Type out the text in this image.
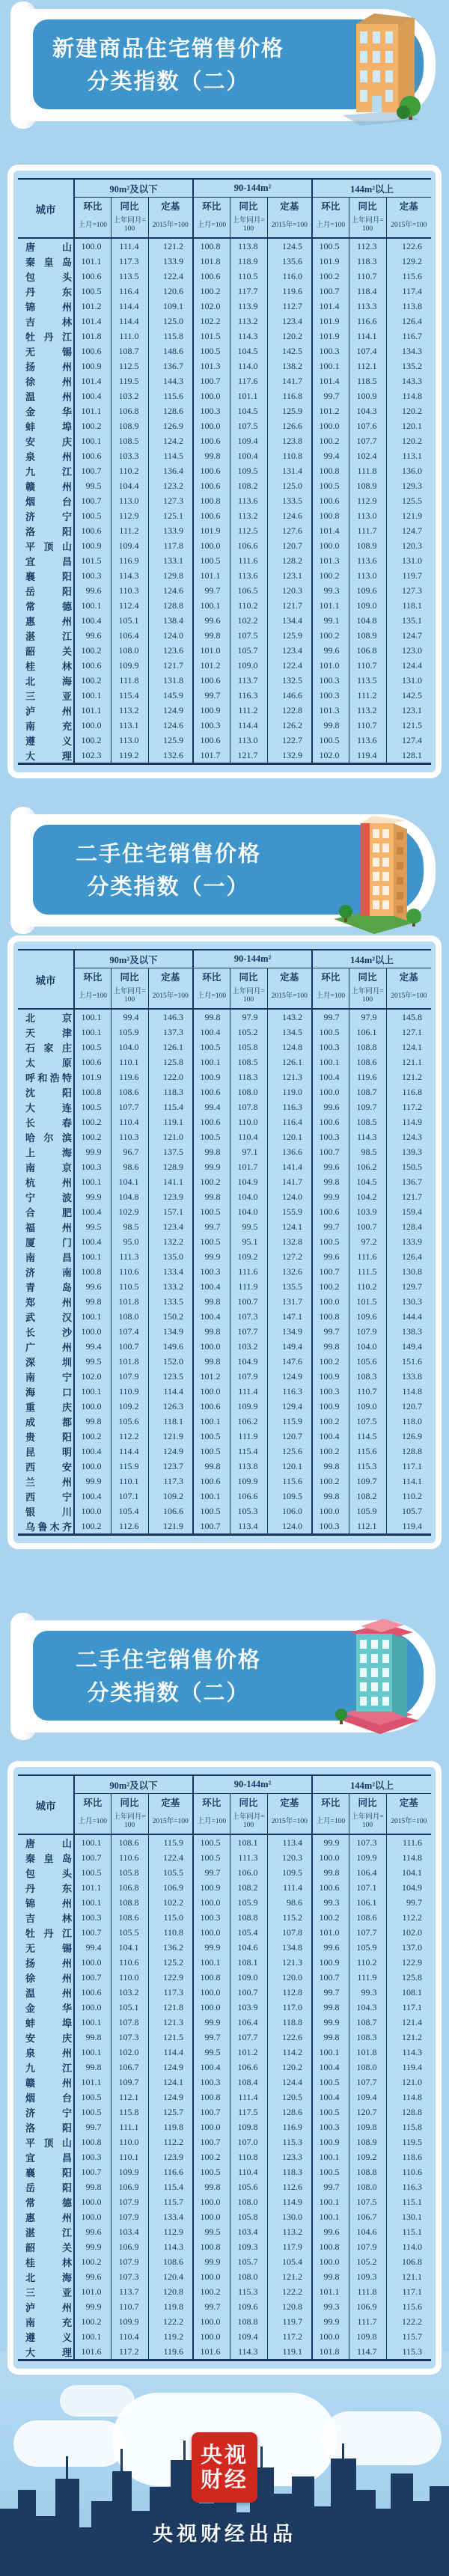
新建商品住宅销售价格
分类指数（二）
城市	90m²及以下			90-144m²			144m²以上		
	环比	同比	定基	环比	同比	定基	环比	同比	定基
	上月=100	上年同月=100	2015年=100	上月=100	上年同月=100	2015年=100	上月=100	上年同月=100	2015年=100
唐山	100.0	111.4	121.2	100.8	113.8	124.5	100.5	112.3	122.6
秦皇岛	101.1	117.3	133.9	101.8	118.9	135.6	101.9	118.3	129.2
包头	100.6	113.5	122.4	100.6	110.5	116.0	100.2	110.7	115.6
丹东	100.5	116.4	120.6	100.2	117.7	119.6	100.7	118.4	117.4
锦州	101.2	114.4	109.1	102.0	113.9	112.7	101.4	113.3	113.8
吉林	101.4	114.4	125.0	102.2	113.2	123.4	101.9	116.6	126.4
牡丹江	101.8	111.0	115.8	101.5	114.3	120.2	101.9	114.1	116.7
无锡	100.6	108.7	148.6	100.5	104.5	142.5	100.3	107.4	134.3
扬州	100.9	112.5	136.7	101.3	114.0	138.2	100.1	112.1	135.2
徐州	101.4	119.5	144.3	100.7	117.6	141.7	101.4	118.5	143.3
温州	100.4	103.2	115.6	100.0	101.1	116.8	99.7	100.9	114.8
金华	101.1	106.8	128.6	100.3	104.5	125.9	101.2	104.3	120.2
蚌埠	100.2	108.9	126.9	100.0	107.5	126.6	100.0	107.6	120.1
安庆	100.1	108.5	124.2	100.6	109.4	123.8	100.2	107.7	120.2
泉州	100.6	103.3	114.5	99.8	100.4	110.8	99.4	102.4	113.1
九江	100.7	110.2	136.4	100.6	109.5	131.4	100.8	111.8	136.0
赣州	99.5	104.4	123.2	100.6	108.2	125.0	100.5	108.9	129.3
烟台	100.7	113.0	127.3	100.8	113.6	133.5	100.6	112.9	125.5
济宁	100.5	112.9	125.1	100.6	113.2	124.6	100.8	113.0	121.9
洛阳	100.6	111.2	133.9	101.9	112.5	127.6	101.4	111.7	124.7
平顶山	100.9	109.4	117.8	100.0	106.6	120.7	100.0	108.9	120.3
宜昌	101.5	116.9	133.1	100.5	111.6	128.2	101.3	113.6	131.0
襄阳	100.3	114.3	129.8	101.1	113.6	123.1	100.2	113.0	119.7
岳阳	99.6	110.3	124.6	99.7	106.5	120.3	99.3	109.6	127.3
常德	100.1	112.4	128.8	100.1	110.2	121.7	101.1	109.0	118.1
惠州	100.4	105.1	138.4	99.6	102.2	134.4	99.1	104.8	135.1
湛江	99.6	106.4	124.0	99.8	107.5	125.9	100.2	108.9	124.7
韶关	100.2	108.0	123.6	101.0	105.7	123.4	99.6	106.8	123.0
桂林	100.6	109.9	121.7	101.2	109.0	122.4	101.0	110.7	124.4
北海	100.2	111.8	131.8	100.6	113.7	132.5	100.3	113.5	131.0
三亚	100.1	115.4	145.9	99.7	116.3	146.6	100.3	111.2	142.5
泸州	101.1	113.2	124.9	100.9	111.2	122.8	101.3	113.2	123.1
南充	100.0	113.1	124.6	100.3	114.4	126.2	99.8	110.7	121.5
遵义	100.2	113.0	125.9	100.6	113.0	122.7	100.5	113.6	127.4
大理	102.3	119.2	132.6	101.7	121.7	132.9	102.0	119.4	128.1
二手住宅销售价格
分类指数（一）
城市	90m²及以下			90-144m²			144m²以上		
	环比	同比	定基	环比	同比	定基	环比	同比	定基
	上月=100	上年同月=100	2015年=100	上月=100	上年同月=100	2015年=100	上月=100	上年同月=100	2015年=100
北京	100.1	99.4	146.3	99.8	97.9	143.2	99.7	97.9	145.8
天津	100.1	105.9	137.3	100.4	105.2	134.5	100.5	106.1	127.1
石家庄	100.5	104.0	126.1	100.5	105.8	124.8	100.3	108.8	124.1
太原	100.6	110.1	125.8	100.1	108.5	126.1	100.1	108.6	121.1
呼和浩特	101.9	119.6	122.0	100.9	118.3	121.3	100.4	119.6	121.2
沈阳	100.8	108.6	118.3	100.6	108.0	119.0	100.0	108.7	116.8
大连	100.5	107.7	115.4	99.4	107.8	116.3	99.6	109.7	117.2
长春	100.2	110.4	119.1	100.6	110.0	116.4	100.6	108.5	114.9
哈尔滨	100.2	110.3	121.0	100.5	110.4	120.1	100.3	114.3	124.3
上海	99.9	96.7	137.5	99.8	97.1	136.6	100.7	98.5	139.3
南京	100.3	98.6	128.9	99.9	101.7	141.4	99.6	106.2	150.5
杭州	100.1	104.1	141.1	100.2	104.9	141.7	99.8	104.5	136.7
宁波	99.9	104.8	123.9	99.8	104.0	124.0	99.9	104.2	121.7
合肥	100.4	102.9	157.1	100.5	104.0	155.9	100.6	103.9	159.4
福州	99.5	98.5	123.4	99.7	99.5	124.1	99.7	100.7	128.4
厦门	100.4	95.0	132.2	100.5	95.1	132.8	100.5	97.2	133.9
南昌	100.1	111.3	135.0	99.9	109.2	127.2	99.6	111.6	126.4
济南	100.8	110.6	133.4	100.3	111.6	132.6	100.7	111.5	130.8
青岛	99.6	110.5	133.2	100.4	111.9	135.5	100.2	110.2	129.7
郑州	99.8	101.8	133.5	99.8	100.7	131.7	100.0	101.5	130.3
武汉	100.1	108.0	150.2	100.4	107.3	147.1	100.8	109.6	144.4
长沙	100.0	107.4	134.9	99.8	107.7	134.9	99.7	107.9	138.3
广州	99.4	100.7	149.6	100.0	103.2	149.4	99.8	104.0	149.4
深圳	99.5	101.8	152.0	99.8	104.9	147.6	100.2	105.6	151.6
南宁	102.0	107.9	123.5	101.2	107.9	124.9	100.9	108.3	133.8
海口	100.1	110.9	114.4	100.0	111.4	116.3	100.3	110.7	114.8
重庆	100.0	109.2	126.3	100.6	109.9	129.4	100.9	109.0	120.7
成都	99.8	105.6	118.1	100.1	106.2	115.9	100.2	107.5	118.0
贵阳	100.2	112.2	121.9	100.5	111.9	120.7	100.4	114.5	126.9
昆明	100.4	114.4	124.9	100.5	115.4	125.6	100.2	115.6	128.8
西安	100.0	115.9	123.7	99.8	113.8	120.1	99.8	115.3	117.1
兰州	99.9	110.1	117.3	100.6	109.9	115.6	100.2	109.7	114.1
西宁	100.4	107.1	109.2	100.1	106.6	109.5	99.8	108.2	110.2
银川	100.0	105.4	106.6	100.5	105.3	106.0	100.0	105.9	105.7
乌鲁木齐	100.2	112.6	121.9	100.7	113.4	124.0	100.3	112.1	119.4
二手住宅销售价格
分类指数（二）
城市	90m²及以下			90-144m²			144m²以上		
	环比	同比	定基	环比	同比	定基	环比	同比	定基
	上月=100	上年同月=100	2015年=100	上月=100	上年同月=100	2015年=100	上月=100	上年同月=100	2015年=100
唐山	100.1	108.6	115.9	100.5	108.1	113.4	99.9	107.3	111.6
秦皇岛	100.7	110.6	122.4	100.5	111.3	120.3	100.0	109.9	114.8
包头	100.5	105.8	105.5	99.7	106.0	109.5	99.8	106.4	104.1
丹东	101.1	106.8	106.9	100.9	108.2	111.4	100.6	107.1	104.9
锦州	100.1	108.8	102.2	100.0	105.9	98.6	99.3	106.1	99.7
吉林	100.3	108.6	115.0	100.3	108.8	115.2	100.2	108.6	112.2
牡丹江	100.7	105.5	110.8	100.0	105.4	107.8	101.0	107.7	102.0
无锡	99.4	104.1	136.2	99.9	104.6	134.8	99.6	105.9	137.0
扬州	100.0	110.6	125.2	100.1	108.1	121.3	100.9	110.2	122.9
徐州	100.7	110.0	122.9	100.8	109.0	120.0	100.7	111.9	125.8
温州	100.6	103.2	117.3	100.0	100.7	112.8	99.7	99.3	108.1
金华	100.0	105.1	121.8	100.0	103.9	117.0	99.8	104.3	117.1
蚌埠	100.1	107.8	121.3	99.9	106.4	118.8	99.9	108.7	121.4
安庆	99.8	107.3	121.5	99.7	107.7	122.6	99.8	108.3	121.2
泉州	100.1	102.0	114.4	99.5	101.2	114.2	100.1	101.8	114.3
九江	99.8	106.7	124.9	100.4	106.6	120.2	100.4	108.0	119.4
赣州	101.1	109.7	124.1	100.3	108.4	124.4	100.5	107.7	121.0
烟台	100.5	112.1	124.9	100.8	111.4	120.5	100.4	109.4	114.8
济宁	100.5	115.8	125.7	100.7	117.5	128.6	100.5	120.7	128.8
洛阳	99.7	111.1	119.8	100.0	109.8	116.9	100.3	109.8	115.8
平顶山	100.8	110.0	112.2	100.7	107.0	115.3	100.9	108.9	119.5
宜昌	100.3	110.1	123.9	100.2	110.8	123.3	100.1	109.2	118.6
襄阳	100.7	109.9	116.6	100.5	110.4	118.3	100.5	108.8	110.6
岳阳	99.8	106.9	115.4	99.8	105.6	112.6	99.7	108.0	116.3
常德	100.0	107.9	115.7	100.0	108.0	114.9	100.1	107.5	115.1
惠州	100.0	107.9	133.4	100.0	105.8	130.0	100.1	106.7	130.1
湛江	99.6	103.4	112.9	99.5	103.4	113.2	99.6	104.6	115.1
韶关	99.9	106.9	114.3	100.8	109.3	117.9	100.8	107.9	114.0
桂林	100.2	107.9	108.6	99.9	105.7	105.4	100.0	105.2	106.8
北海	99.6	107.3	120.4	100.0	108.0	121.2	99.8	109.3	121.1
三亚	101.0	113.7	120.8	100.2	115.3	122.2	101.1	111.8	117.1
泸州	99.9	110.7	119.8	99.7	109.6	120.8	99.3	106.9	115.6
南充	100.2	109.9	122.2	100.0	108.8	119.7	99.9	111.7	122.2
遵义	100.1	110.4	119.2	100.0	109.4	117.2	100.0	109.8	115.7
大理	101.6	117.2	119.6	101.6	114.3	119.1	101.8	114.7	115.3
央视
财经
央视财经出品
